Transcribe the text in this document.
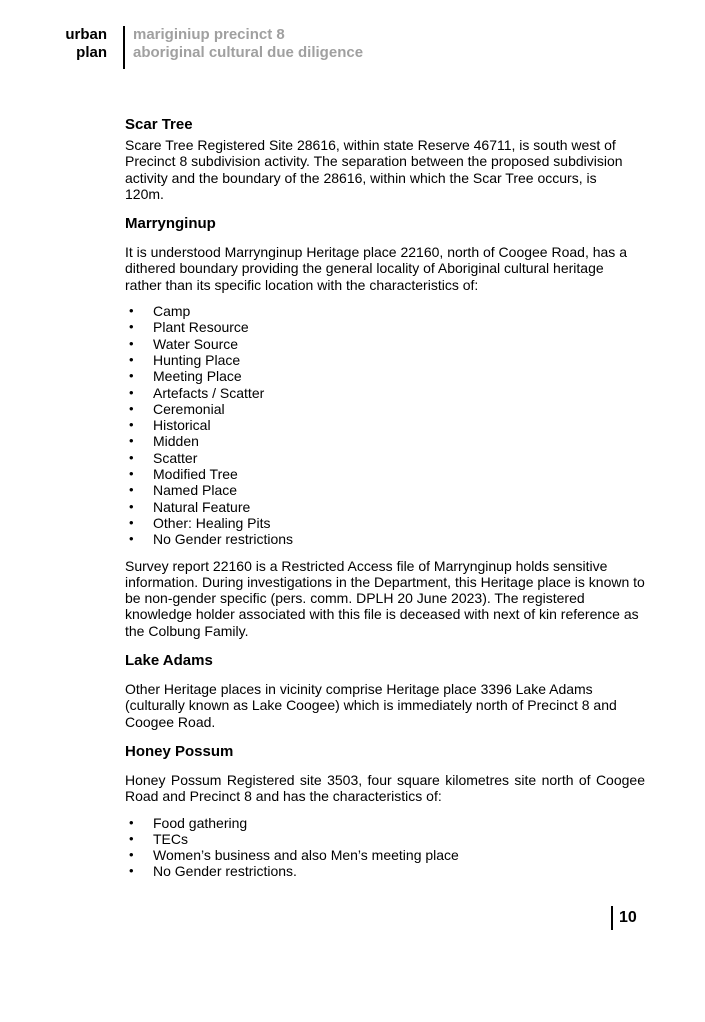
urban
plan
mariginiup precinct 8
aboriginal cultural due diligence
Scar Tree

Scare Tree Registered Site 28616, within state Reserve 46711, is south west of Precinct 8 subdivision activity. The separation between the proposed subdivision activity and the boundary of the 28616, within which the Scar Tree occurs, is 120m.

Marrynginup

It is understood Marrynginup Heritage place 22160, north of Coogee Road, has a dithered boundary providing the general locality of Aboriginal cultural heritage rather than its specific location with the characteristics of:

• Camp
• Plant Resource
• Water Source
• Hunting Place
• Meeting Place
• Artefacts / Scatter
• Ceremonial
• Historical
• Midden
• Scatter
• Modified Tree
• Named Place
• Natural Feature
• Other: Healing Pits
• No Gender restrictions

Survey report 22160 is a Restricted Access file of Marrynginup holds sensitive information. During investigations in the Department, this Heritage place is known to be non-gender specific (pers. comm. DPLH 20 June 2023). The registered knowledge holder associated with this file is deceased with next of kin reference as the Colbung Family.

Lake Adams

Other Heritage places in vicinity comprise Heritage place 3396 Lake Adams (culturally known as Lake Coogee) which is immediately north of Precinct 8 and Coogee Road.

Honey Possum

Honey Possum Registered site 3503, four square kilometres site north of Coogee Road and Precinct 8 and has the characteristics of:

• Food gathering
• TECs
• Women’s business and also Men’s meeting place
• No Gender restrictions.
10
